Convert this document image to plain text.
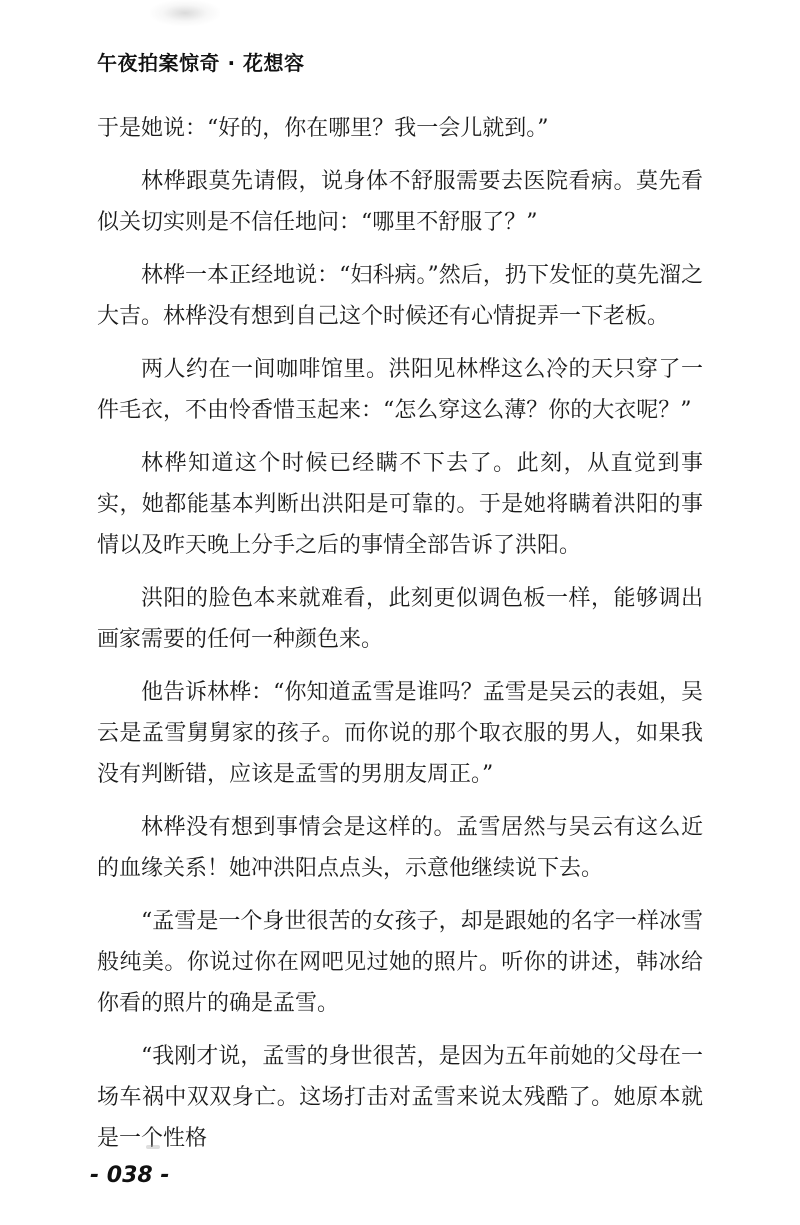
午夜拍案惊奇 · 花想容

于是她说：“好的，你在哪里？我一会儿就到。”

林桦跟莫先请假，说身体不舒服需要去医院看病。莫先看似关切实则是不信任地问：“哪里不舒服了？”

林桦一本正经地说：“妇科病。”然后，扔下发怔的莫先溜之大吉。林桦没有想到自己这个时候还有心情捉弄一下老板。

两人约在一间咖啡馆里。洪阳见林桦这么冷的天只穿了一件毛衣，不由怜香惜玉起来：“怎么穿这么薄？你的大衣呢？”

林桦知道这个时候已经瞒不下去了。此刻，从直觉到事实，她都能基本判断出洪阳是可靠的。于是她将瞒着洪阳的事情以及昨天晚上分手之后的事情全部告诉了洪阳。

洪阳的脸色本来就难看，此刻更似调色板一样，能够调出画家需要的任何一种颜色来。

他告诉林桦：“你知道孟雪是谁吗？孟雪是吴云的表姐，吴云是孟雪舅舅家的孩子。而你说的那个取衣服的男人，如果我没有判断错，应该是孟雪的男朋友周正。”

林桦没有想到事情会是这样的。孟雪居然与吴云有这么近的血缘关系！她冲洪阳点点头，示意他继续说下去。

“孟雪是一个身世很苦的女孩子，却是跟她的名字一样冰雪般纯美。你说过你在网吧见过她的照片。听你的讲述，韩冰给你看的照片的确是孟雪。

“我刚才说，孟雪的身世很苦，是因为五年前她的父母在一场车祸中双双身亡。这场打击对孟雪来说太残酷了。她原本就是一个性格

- 038 -
